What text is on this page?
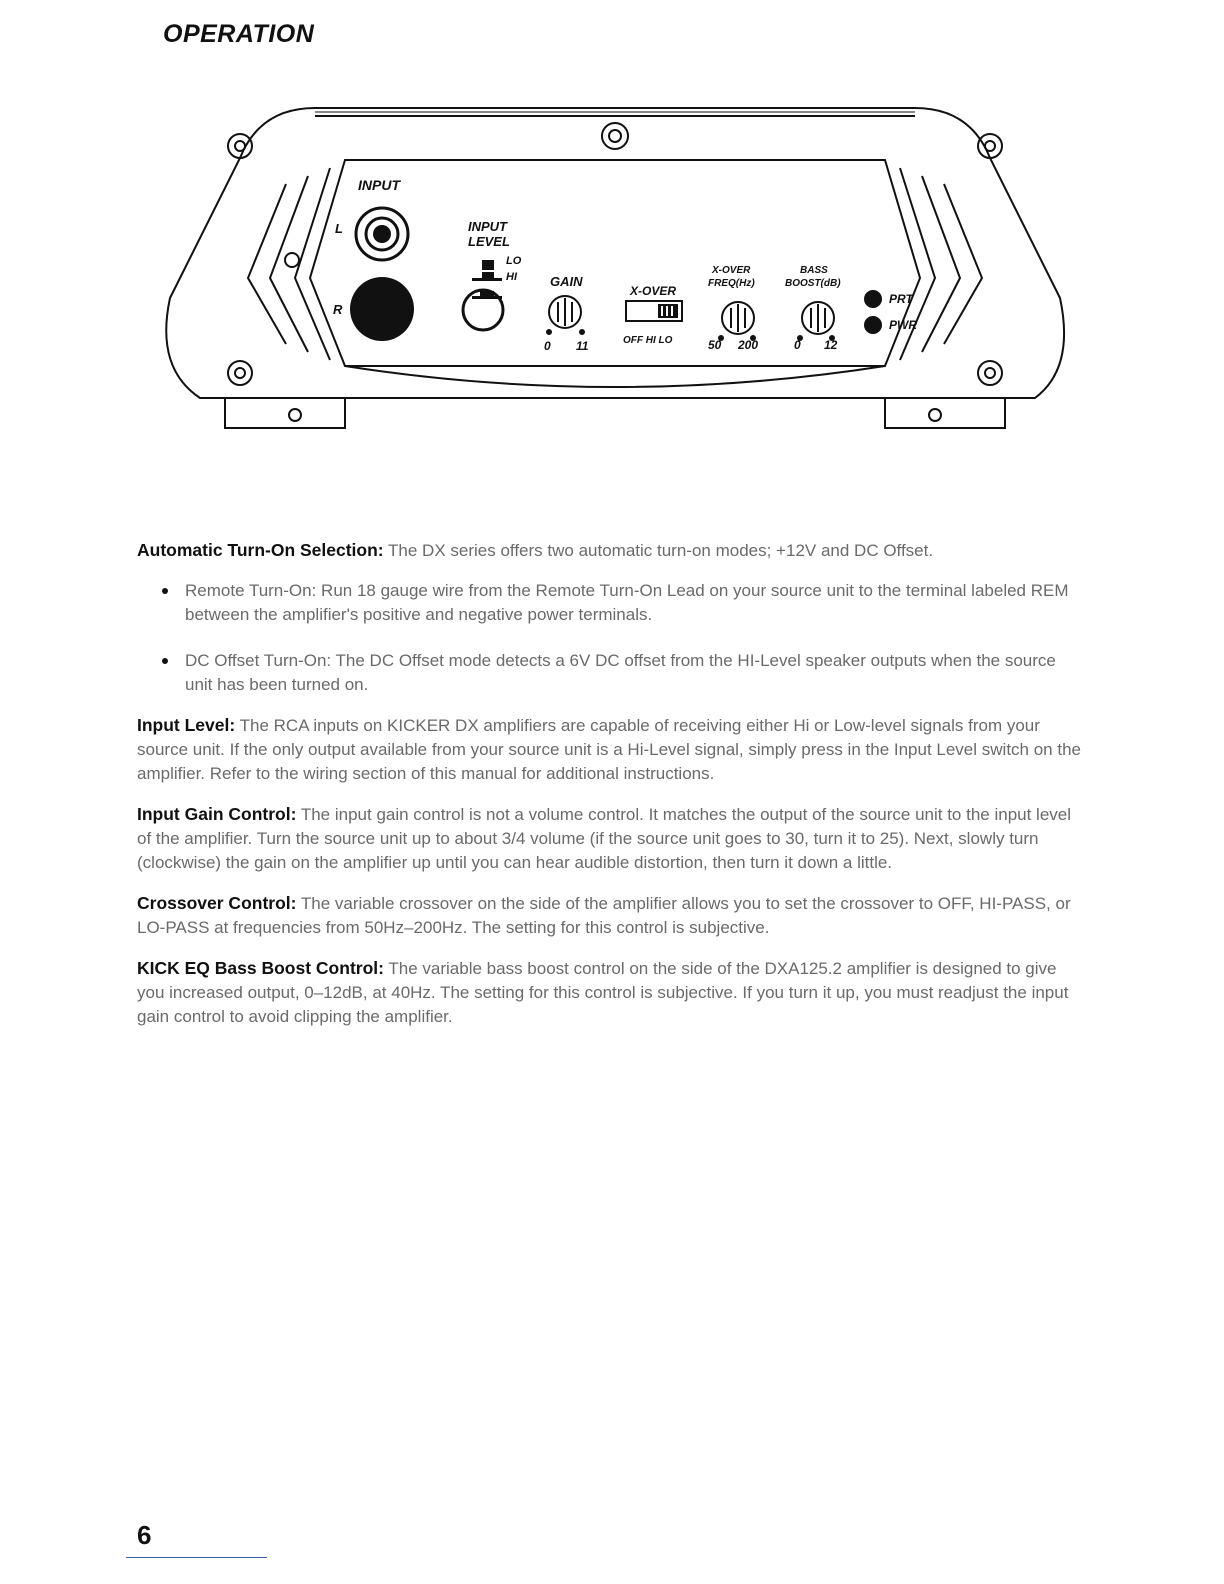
OPERATION
INPUT
L
R
INPUT
LEVEL
LO
HI	GAIN
0 11
X-OVER
OFF HI LO
X-OVER
FREQ(Hz)
50 200
BASS
BOOST(dB)
0 12
PRT
PWR

Automatic Turn-On Selection: The DX series offers two automatic turn-on modes; +12V and DC Offset.

Remote Turn-On: Run 18 gauge wire from the Remote Turn-On Lead on your source unit to the terminal labeled REM between the amplifier's positive and negative power terminals.
DC Offset Turn-On: The DC Offset mode detects a 6V DC offset from the HI-Level speaker outputs when the source unit has been turned on.

Input Level: The RCA inputs on KICKER DX amplifiers are capable of receiving either Hi or Low-level signals from your source unit. If the only output available from your source unit is a Hi-Level signal, simply press in the Input Level switch on the amplifier. Refer to the wiring section of this manual for additional instructions.

Input Gain Control: The input gain control is not a volume control. It matches the output of the source unit to the input level of the amplifier. Turn the source unit up to about 3/4 volume (if the source unit goes to 30, turn it to 25). Next, slowly turn (clockwise) the gain on the amplifier up until you can hear audible distortion, then turn it down a little.

Crossover Control: The variable crossover on the side of the amplifier allows you to set the crossover to OFF, HI-PASS, or LO-PASS at frequencies from 50Hz–200Hz. The setting for this control is subjective.

KICK EQ Bass Boost Control: The variable bass boost control on the side of the DXA125.2 amplifier is designed to give you increased output, 0–12dB, at 40Hz. The setting for this control is subjective. If you turn it up, you must readjust the input gain control to avoid clipping the amplifier.

6
